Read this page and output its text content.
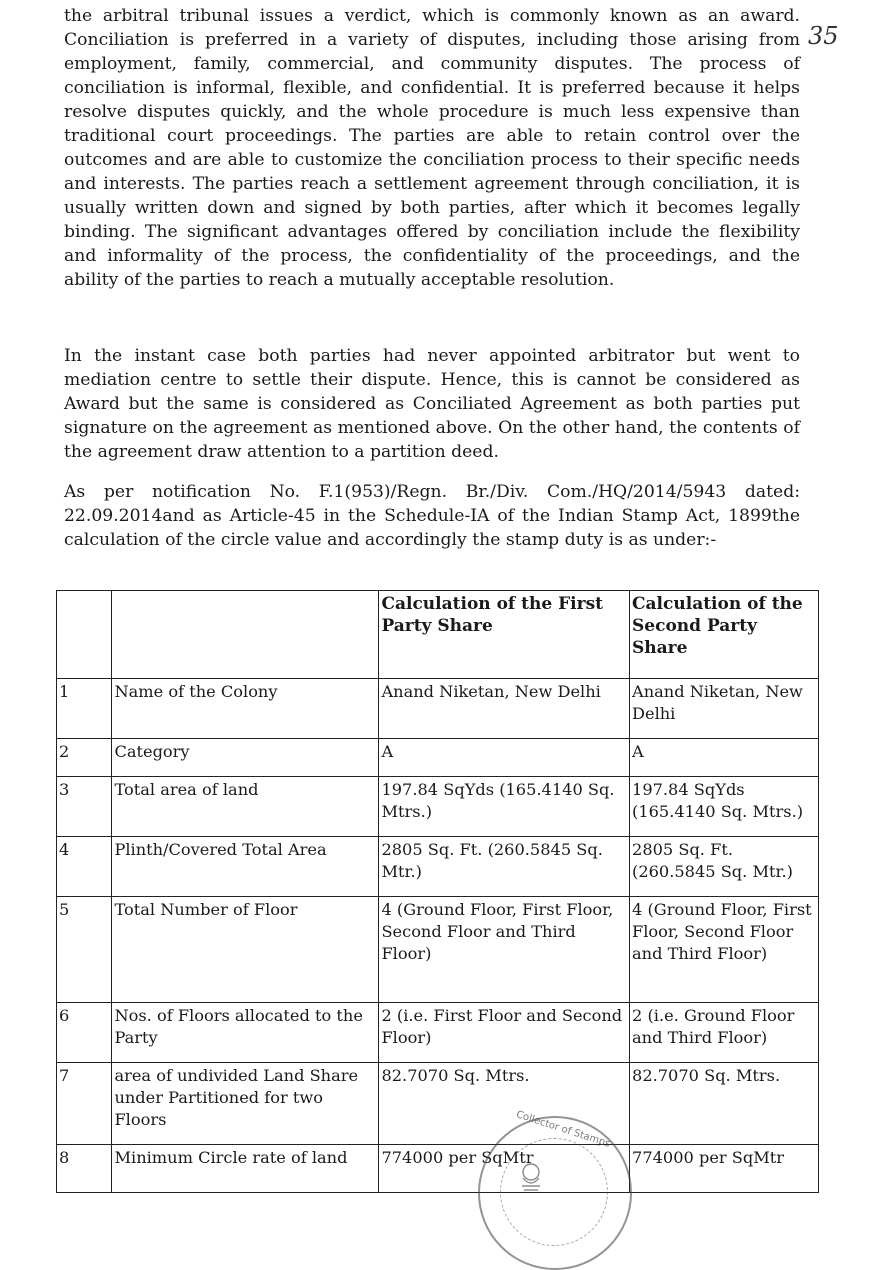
35

the arbitral tribunal issues a verdict, which is commonly known as an award. Conciliation is preferred in a variety of disputes, including those arising from employment, family, commercial, and community disputes. The process of conciliation is informal, flexible, and confidential. It is preferred because it helps resolve disputes quickly, and the whole procedure is much less expensive than traditional court proceedings. The parties are able to retain control over the outcomes and are able to customize the conciliation process to their specific needs and interests. The parties reach a settlement agreement through conciliation, it is usually written down and signed by both parties, after which it becomes legally binding. The significant advantages offered by conciliation include the flexibility and informality of the process, the confidentiality of the proceedings, and the ability of the parties to reach a mutually acceptable resolution.

In the instant case both parties had never appointed arbitrator but went to mediation centre to settle their dispute. Hence, this is cannot be considered as Award but the same is considered as Conciliated Agreement as both parties put signature on the agreement as mentioned above. On the other hand, the contents of the agreement draw attention to a partition deed.

As per notification No. F.1(953)/Regn. Br./Div. Com./HQ/2014/5943 dated: 22.09.2014and as Article-45 in the Schedule-IA of the Indian Stamp Act, 1899the calculation of the circle value and accordingly the stamp duty is as under:-

		Calculation of the First Party Share	Calculation of the Second Party Share
1	Name of the Colony	Anand Niketan, New Delhi	Anand Niketan, New Delhi
2	Category	A	A
3	Total area of land	197.84 SqYds (165.4140 Sq. Mtrs.)	197.84 SqYds (165.4140 Sq. Mtrs.)
4	Plinth/Covered Total Area	2805 Sq. Ft. (260.5845 Sq. Mtr.)	2805 Sq. Ft. (260.5845 Sq. Mtr.)
5	Total Number of Floor	4 (Ground Floor, First Floor, Second Floor and Third Floor)	4 (Ground Floor, First Floor, Second Floor and Third Floor)
6	Nos. of Floors allocated to the Party	2 (i.e. First Floor and Second Floor)	2 (i.e. Ground Floor and Third Floor)
7	area of undivided Land Share under Partitioned for two Floors	82.7070 Sq. Mtrs.	82.7070 Sq. Mtrs.
8	Minimum Circle rate of land	774000 per SqMtr	774000 per SqMtr
Collector of Stamps
